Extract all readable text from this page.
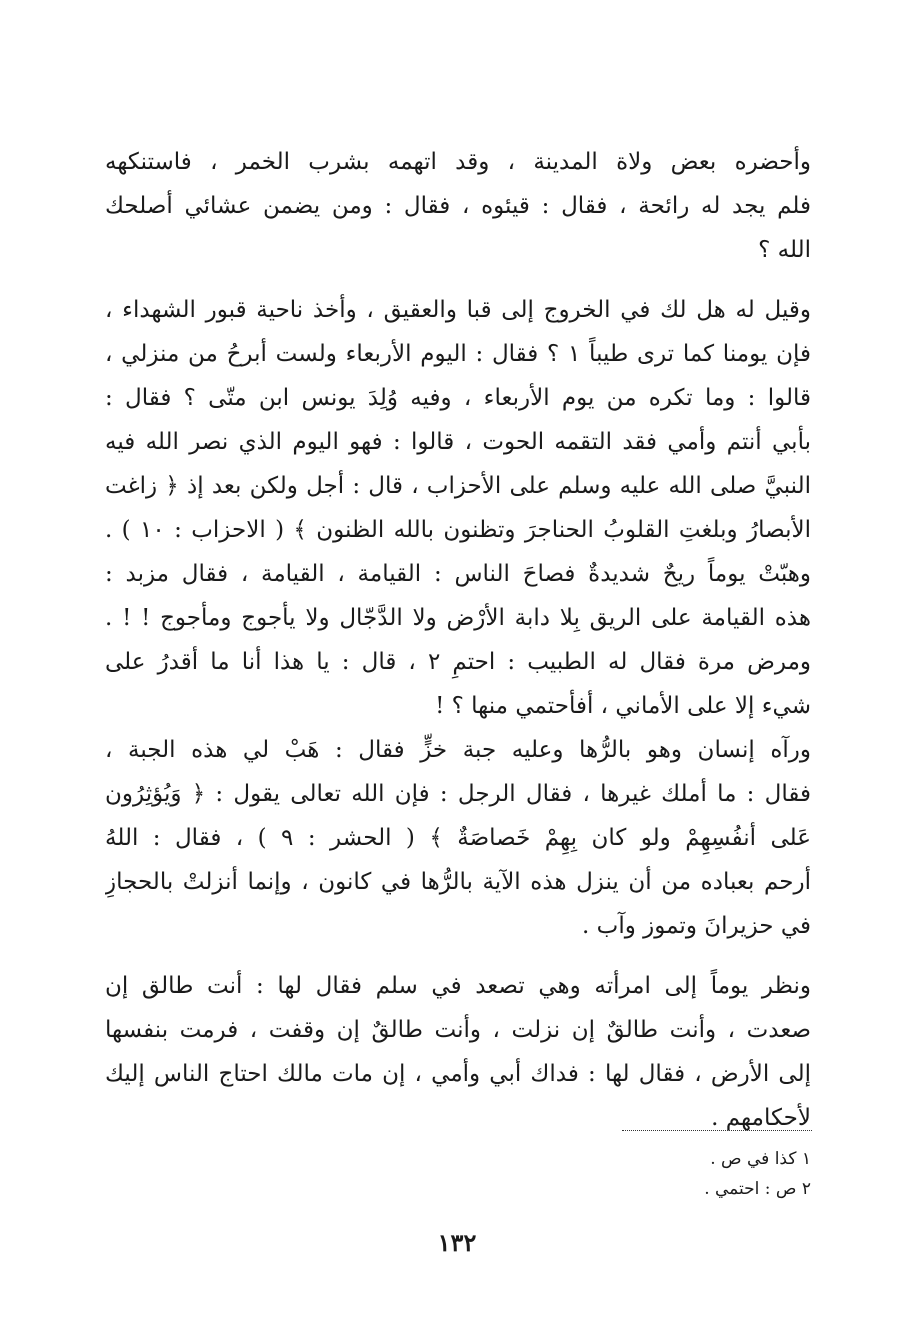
وأحضره بعض ولاة المدينة ، وقد اتهمه بشرب الخمر ، فاستنكهه
فلم يجد له رائحة ، فقال : قيئوه ، فقال : ومن يضمن عشائي أصلحك
الله ؟
وقيل له هل لك في الخروج إلى قبا والعقيق ، وأخذ ناحية قبور الشهداء ،
فإن يومنا كما ترى طيباً ١ ؟ فقال : اليوم الأربعاء ولست أبرحُ من منزلي ،
قالوا : وما تكره من يوم الأربعاء ، وفيه وُلِدَ يونس ابن متّى ؟ فقال :
بأبي أنتم وأمي فقد التقمه الحوت ، قالوا : فهو اليوم الذي نصر الله فيه
النبيَّ صلى الله عليه وسلم على الأحزاب ، قال : أجل ولكن بعد إذ ﴿ زاغت
الأبصارُ وبلغتِ القلوبُ الحناجرَ وتظنون بالله الظنون ﴾ ( الاحزاب : ١٠ ) .
وهبّتْ يوماً ريحٌ شديدةٌ فصاحَ الناس : القيامة ، القيامة ، فقال مزبد :
هذه القيامة على الريق بِلا دابة الأرْض ولا الدَّجّال ولا يأجوج ومأجوج ! ! .
ومرض مرة فقال له الطبيب : احتمِ ٢ ، قال : يا هذا أنا ما أقدرُ على
شيء إلا على الأماني ، أفأحتمي منها ؟ !
ورآه إنسان وهو بالرُّها وعليه جبة خزٍّ فقال : هَبْ لي هذه الجبة ،
فقال : ما أملك غيرها ، فقال الرجل : فإن الله تعالى يقول : ﴿ وَيُؤثِرُون
عَلى أنفُسِهِمْ ولو كان بِهِمْ خَصاصَةٌ ﴾ ( الحشر : ٩ ) ، فقال : اللهُ
أرحم بعباده من أن ينزل هذه الآية بالرُّها في كانون ، وإنما أنزلتْ بالحجازِ
في حزيرانَ وتموز وآب .
ونظر يوماً إلى امرأته وهي تصعد في سلم فقال لها : أنت طالق إن
صعدت ، وأنت طالقٌ إن نزلت ، وأنت طالقٌ إن وقفت ، فرمت بنفسها
إلى الأرض ، فقال لها : فداك أبي وأمي ، إن مات مالك احتاج الناس إليك
لأحكامهم .
١ كذا في ص .
٢ ص : احتمي .
١٣٢
